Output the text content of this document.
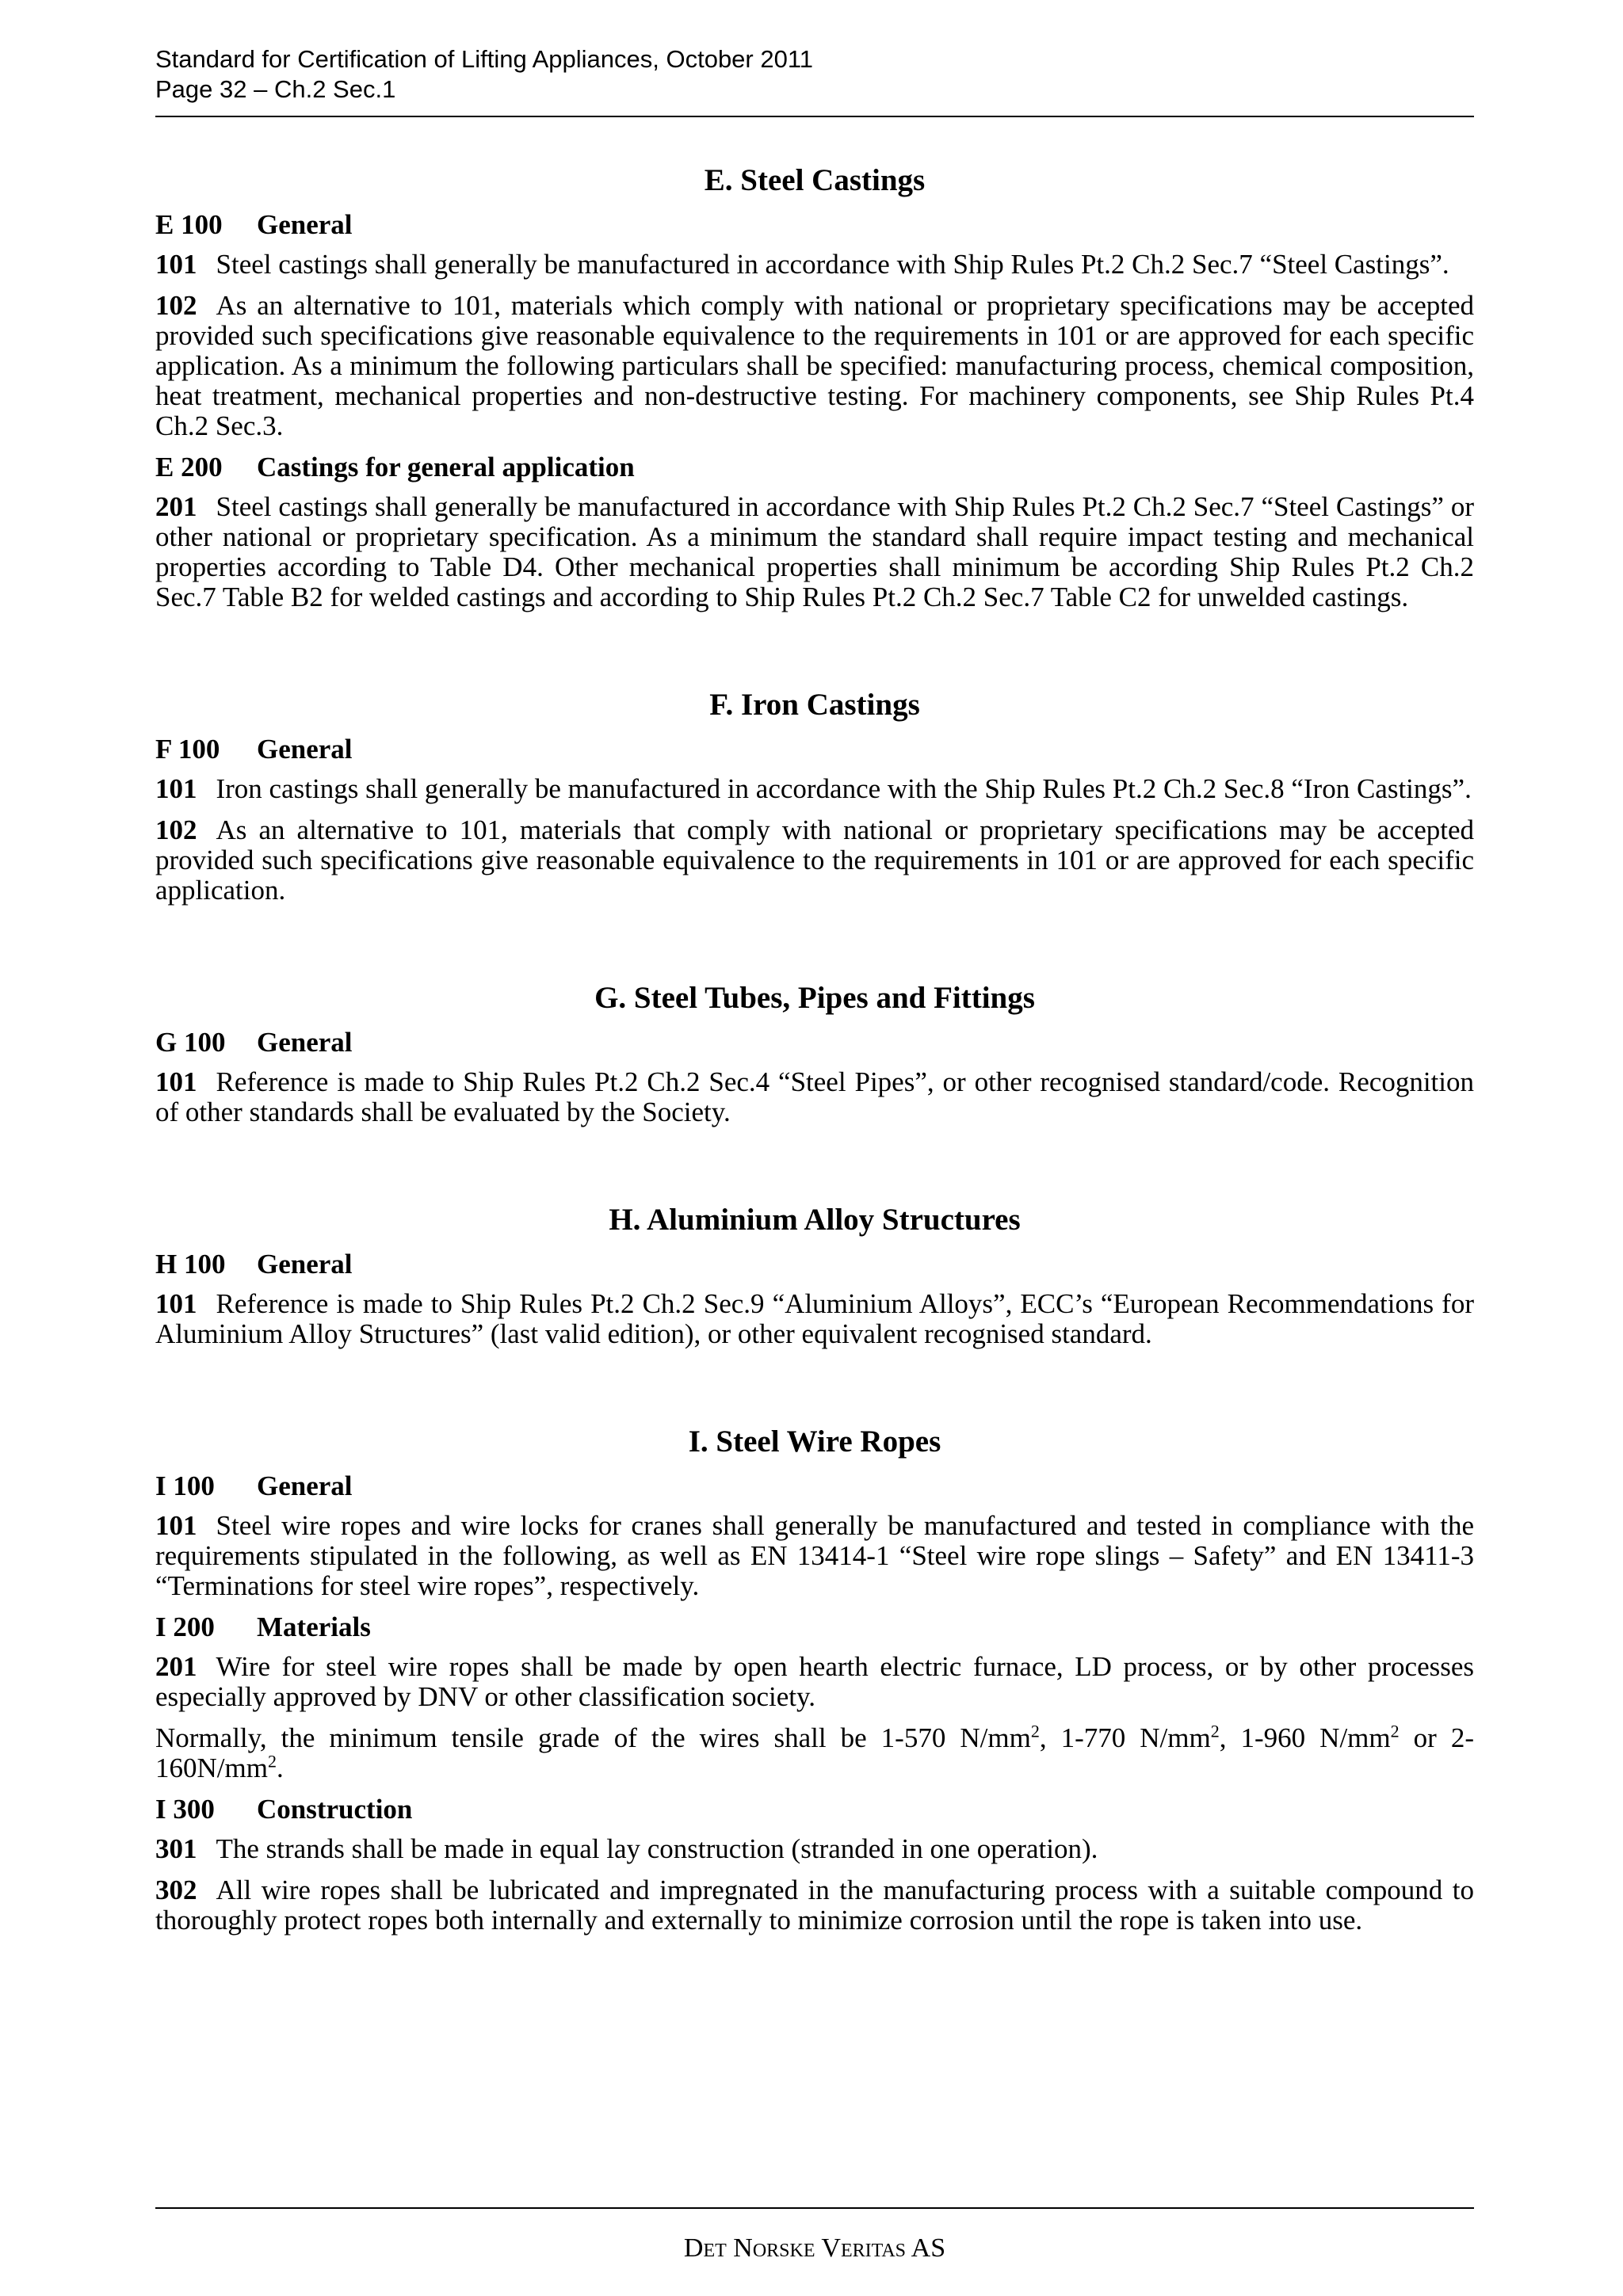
Standard for Certification of Lifting Appliances, October 2011
Page 32 – Ch.2 Sec.1
E. Steel Castings
E 100 General

101 Steel castings shall generally be manufactured in accordance with Ship Rules Pt.2 Ch.2 Sec.7 “Steel Castings”.

102 As an alternative to 101, materials which comply with national or proprietary specifications may be accepted provided such specifications give reasonable equivalence to the requirements in 101 or are approved for each specific application. As a minimum the following particulars shall be specified: manufacturing process, chemical composition, heat treatment, mechanical properties and non-destructive testing. For machinery components, see Ship Rules Pt.4 Ch.2 Sec.3.

E 200 Castings for general application

201 Steel castings shall generally be manufactured in accordance with Ship Rules Pt.2 Ch.2 Sec.7 “Steel Castings” or other national or proprietary specification. As a minimum the standard shall require impact testing and mechanical properties according to Table D4. Other mechanical properties shall minimum be according Ship Rules Pt.2 Ch.2 Sec.7 Table B2 for welded castings and according to Ship Rules Pt.2 Ch.2 Sec.7 Table C2 for unwelded castings.

F. Iron Castings
F 100 General

101 Iron castings shall generally be manufactured in accordance with the Ship Rules Pt.2 Ch.2 Sec.8 “Iron Castings”.

102 As an alternative to 101, materials that comply with national or proprietary specifications may be accepted provided such specifications give reasonable equivalence to the requirements in 101 or are approved for each specific application.

G. Steel Tubes, Pipes and Fittings
G 100 General

101 Reference is made to Ship Rules Pt.2 Ch.2 Sec.4 “Steel Pipes”, or other recognised standard/code. Recognition of other standards shall be evaluated by the Society.

H. Aluminium Alloy Structures
H 100 General

101 Reference is made to Ship Rules Pt.2 Ch.2 Sec.9 “Aluminium Alloys”, ECC’s “European Recommendations for Aluminium Alloy Structures” (last valid edition), or other equivalent recognised standard.

I. Steel Wire Ropes
I 100 General

101 Steel wire ropes and wire locks for cranes shall generally be manufactured and tested in compliance with the requirements stipulated in the following, as well as EN 13414-1 “Steel wire rope slings – Safety” and EN 13411-3 “Terminations for steel wire ropes”, respectively.

I 200 Materials

201 Wire for steel wire ropes shall be made by open hearth electric furnace, LD process, or by other processes especially approved by DNV or other classification society.

Normally, the minimum tensile grade of the wires shall be 1-570 $N/mm^2$, 1-770 $N/mm^2$, 1-960 $N/mm^2$ or $2-160N/mm^2$.

I 300 Construction

301 The strands shall be made in equal lay construction (stranded in one operation).

302 All wire ropes shall be lubricated and impregnated in the manufacturing process with a suitable compound to thoroughly protect ropes both internally and externally to minimize corrosion until the rope is taken into use.

Det Norske Veritas AS
